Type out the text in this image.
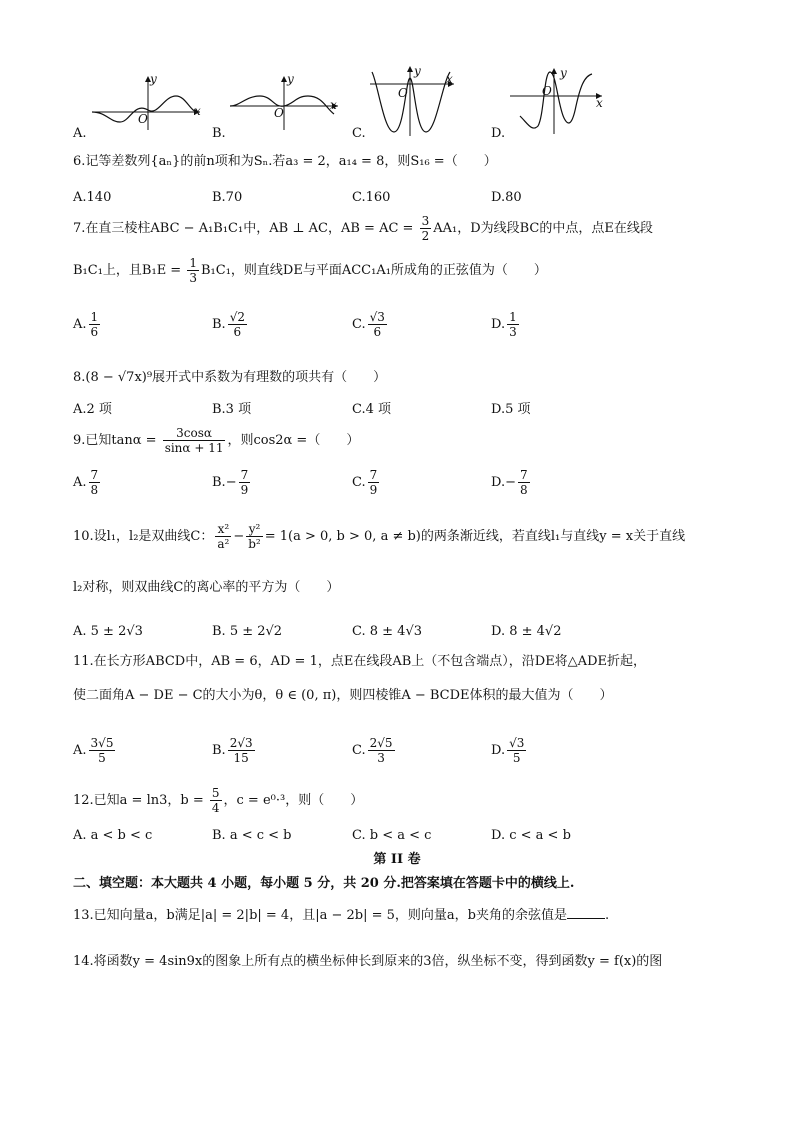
y
x
O
y
x
O
y
x
O
y
x
O
A.	B.	C.	D.
6.记等差数列{aₙ}的前n项和为Sₙ.若a₃ = 2，a₁₄ = 8，则S₁₆ =（　　）
A.140	B.70	C.160	D.80
7.在直三棱柱ABC − A₁B₁C₁中，AB ⊥ AC，AB = AC = $\frac{3}{2} AA_1$，D为线段BC的中点，点E在线段
B₁C₁上，且$B_1E = \frac{1}{3} B_1C_1$，则直线DE与平面ACC₁A₁所成角的正弦值为（　　）
A. $\frac{1}{6}$	B. $\frac{√2}{6}$	C. $\frac{√3}{6}$	D. $\frac{1}{3}$
8.(8 − √7x)⁹展开式中系数为有理数的项共有（　　）
A.2 项	B.3 项	C.4 项	D.5 项
9.已知$\tan\alpha = \frac{3\cos\alpha}{\sin\alpha + 11}$ ，则cos2α =（　　）
A. $\frac{7}{8}$	$B.- \frac{7}{9}$	C. $\frac{7}{9}$	$D.- \frac{7}{8}$
10.设l₁，l₂是双曲线C： $\frac{\text{x²}}{\text{a²}} - \frac{\text{y²}}{\text{b²}} = 1(a > 0$, b > 0, a ≠ b)的两条渐近线，若直线l₁与直线y = x关于直线
l₂对称，则双曲线C的离心率的平方为（　　）
A. 5 ± 2√3	B. 5 ± 2√2	C. 8 ± 4√3	D. 8 ± 4√2
11.在长方形ABCD中，AB = 6，AD = 1，点E在线段AB上（不包含端点），沿DE将△ADE折起，
使二面角A − DE − C的大小为θ，θ ∈ (0, π)，则四棱锥A − BCDE体积的最大值为（　　）
A. $\frac{3√5}{5}$	B. $\frac{2√3}{15}$	C. $\frac{2√5}{3}$	D. $\frac{√3}{5}$
12.已知a = ln3，$b = \frac{5}{4}$ ，c = e⁰·³，则（　　）
A. a < b < c	B. a < c < b	C. b < a < c	D. c < a < b
第 II 卷
二、填空题：本大题共 4 小题，每小题 5 分，共 20 分.把答案填在答题卡中的横线上.
13.已知向量a，b满足|a| = 2|b| = 4，且|a − 2b| = 5，则向量a，b夹角的余弦值是	.
14.将函数y = 4sin9x的图象上所有点的横坐标伸长到原来的3倍，纵坐标不变，得到函数y = f(x)的图
